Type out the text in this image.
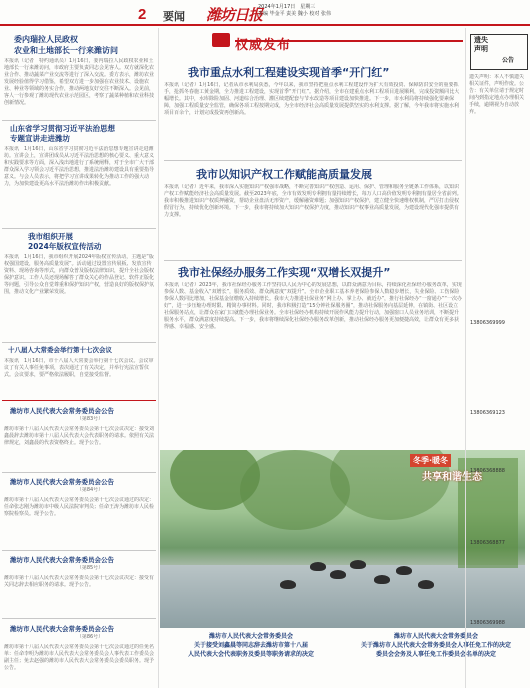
2 要闻 潍坊日报
2024年1月17日　星期三
责编 毕金平 责美 魏小 校对 张伟
委内瑞拉人民政权
农业和土地部长一行来潍访问
本报讯（记者　特约通讯员）1月16日，委内瑞拉人民政权农业和土地部长一行来潍访问，市政府主要负责同志会见客人。双方就深化农业合作、推动蔬菜产业交流等进行了深入交流。委方表示，潍坊农业发展经验值得学习借鉴，希望双方进一步加强在农业技术、设施农业、种业等领域的务实合作，推动两地友好交往不断深入。会见前，客人一行参观了潍坊现代农业示范园区，考察了蔬菜种植和农业科技创新情况。
山东省学习贯彻习近平法治思想
专题宣讲走进潍坊
本报讯　1月16日，山东省学习贯彻习近平法治思想专题宣讲走进潍坊。宣讲会上，宣讲团成员从习近平法治思想的核心要义、重大意义和实践要求等方面，深入浅出地进行了系统阐释，对于全市广大干部群众深入学习领会习近平法治思想，推进法治潍坊建设具有重要指导意义。与会人员表示，将把学习宣讲成果转化为推动工作的强大动力，为加快建设更高水平法治潍坊作出积极贡献。
我市组织开展
2024年版权宣传活动
本报讯　1月16日，我市组织开展2024年版权宣传活动，主题是“版权强国建设，服务高质量发展”。活动通过设置宣传展板、发放宣传资料、现场咨询等形式，向群众普及版权法律知识，提升全社会版权保护意识。工作人员还现场解答了群众关心的作品登记、软件正版化等问题，引导公众自觉尊重和保护知识产权，营造良好的版权保护氛围，推动文化产业繁荣发展。
十八届人大常委会举行第十七次会议
本报讯　1月16日，市十八届人大常委会举行第十七次会议。会议审议了有关人事任免事项，表决通过了有关决定，并举行宪法宣誓仪式。会议要求，要严格依法履职，自觉接受监督。
潍坊市人民代表大会常务委员会公告
（第83号）
潍坊市第十八届人民代表大会常务委员会第十七次会议决定：接受刘鑫晨辞去潍坊市第十八届人民代表大会代表职务的请求。依照有关法律规定，刘鑫晨的代表资格终止。现予公告。
潍坊市人民代表大会常务委员会公告
（第84号）
潍坊市第十八届人民代表大会常务委员会第十七次会议通过的决定：任命张志刚为潍坊市中级人民法院审判员；任命王涛为潍坊市人民检察院检察员。现予公告。
潍坊市人民代表大会常务委员会公告
（第85号）
潍坊市第十八届人民代表大会常务委员会第十七次会议决定：接受有关同志辞去相应职务的请求。现予公告。
潍坊市人民代表大会常务委员会公告
（第86号）
潍坊市第十八届人民代表大会常务委员会第十七次会议通过的任免名单：任命李明为潍坊市人民代表大会常务委员会人事代表工作委员会副主任；免去赵强的潍坊市人民代表大会常务委员会委员职务。现予公告。
权威发布
我市重点水利工程建设实现首季“开门红”
本报讯（记者）1月16日，记者从市水利局获悉，今年以来，我市坚持把重点水利工程建设作为扩大有效投资、保障防洪安全的重要抓手，抢抓冬春施工黄金期，全力推进工程建设，实现首季“开门红”。据介绍，全市在建重点水利工程项目进展顺利，完成投资额同比大幅增长。其中，水库除险加固、河道综合治理、灌区续建配套与节水改造等项目建设加快推进。下一步，市水利局将持续强化要素保障，加强工程质量安全监管，确保各项工程按期完成，为全市经济社会高质量发展提供坚实的水利支撑。据了解，今年我市将实施水利项目百余个，计划完成投资再创新高。
我市以知识产权工作赋能高质量发展
本报讯（记者）近年来，我市深入实施知识产权强市战略，不断完善知识产权创造、运用、保护、管理和服务全链条工作体系，以知识产权工作赋能经济社会高质量发展。截至2023年底，全市有效发明专利拥有量持续增长，每万人口高价值发明专利拥有量居全省前列。我市积极推进知识产权质押融资，帮助企业盘活无形资产，缓解融资难题；加强知识产权保护，建立健全快速维权机制，严厉打击侵权假冒行为，持续优化创新环境。下一步，我市将持续加大知识产权保护力度，推动知识产权事业高质量发展，为建设现代化强市提供有力支撑。
我市社保经办服务工作实现“双增长双提升”
本报讯（记者）2023年，我市社保经办服务工作坚持以人民为中心的发展思想，以群众满意为目标，持续深化社保经办服务改革，实现参保人数、基金收入“双增长”，服务质效、群众满意度“双提升”。全市企业职工基本养老保险参保人数稳步增长，失业保险、工伤保险参保人数同比增加，社保基金征缴收入持续增长。我市大力推进社保业务“网上办、掌上办、就近办”，推行社保经办“一窗通办”“一次办好”，进一步压缩办理时限、精简办事材料。同时，我市积极打造“15分钟社保服务圈”，推动社保服务向基层延伸，在镇街、社区设立社保服务站点，让群众在家门口就能办理社保业务。全市社保经办机构持续开展作风能力提升行动，加强窗口人员业务培训，不断提升服务水平，群众满意度持续提高。下一步，我市将继续深化社保经办服务改革创新，推动社保经办服务更加便捷高效，让群众有更多获得感、幸福感、安全感。
冬季·暖冬
共享和谐生态
潍坊市人民代表大会常务委员会
关于接受刘鑫晨等同志辞去潍坊市第十八届
人民代表大会代表职务及委员等职务请求的决定
潍坊市人民代表大会常务委员会
关于潍坊市人民代表大会常务委员会人事任免工作的决定
委员会会务及人事任免工作委员会名单的决定
遗失
声明
公告
遗失声明：本人不慎遗失相关证件，声明作废。公告：有关单位请于规定时间内到指定地点办理相关手续，逾期视为自动放弃。
13806369999
13806369123
13806368888
13806368877
13806369988
